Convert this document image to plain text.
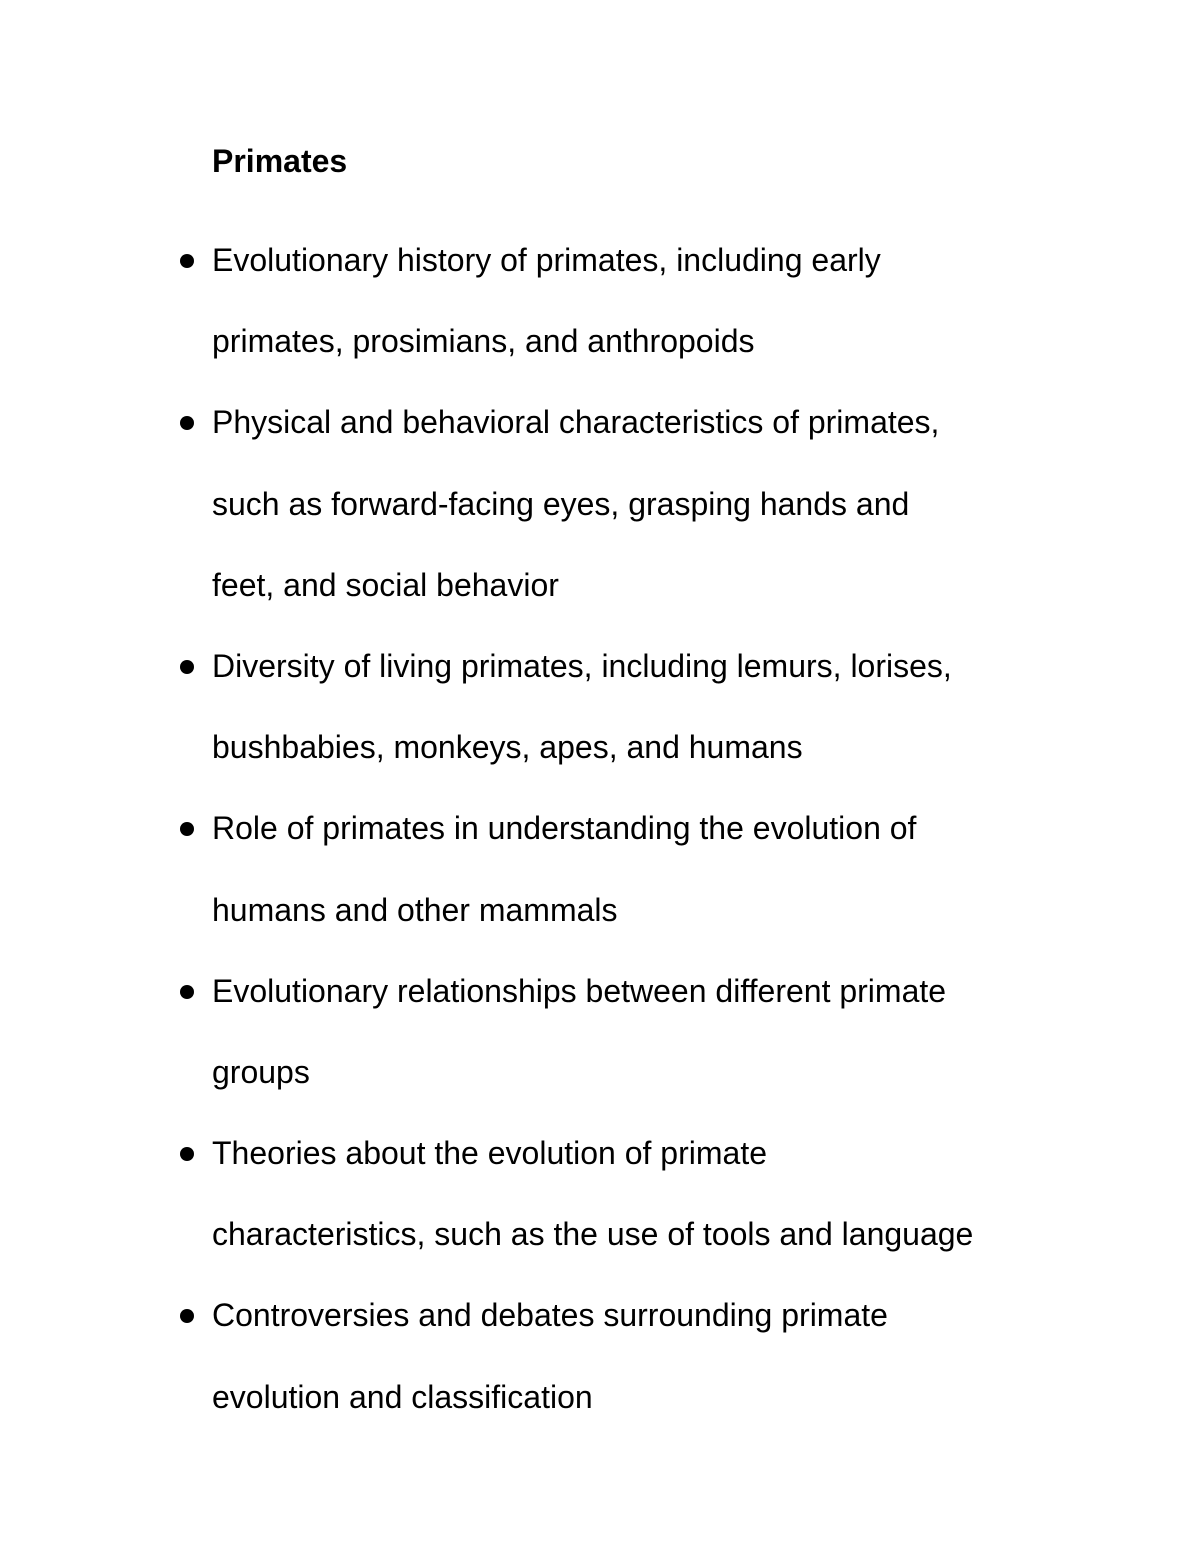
Primates
Evolutionary history of primates, including early
primates, prosimians, and anthropoids
Physical and behavioral characteristics of primates,
such as forward-facing eyes, grasping hands and
feet, and social behavior
Diversity of living primates, including lemurs, lorises,
bushbabies, monkeys, apes, and humans
Role of primates in understanding the evolution of
humans and other mammals
Evolutionary relationships between different primate
groups
Theories about the evolution of primate
characteristics, such as the use of tools and language
Controversies and debates surrounding primate
evolution and classification
